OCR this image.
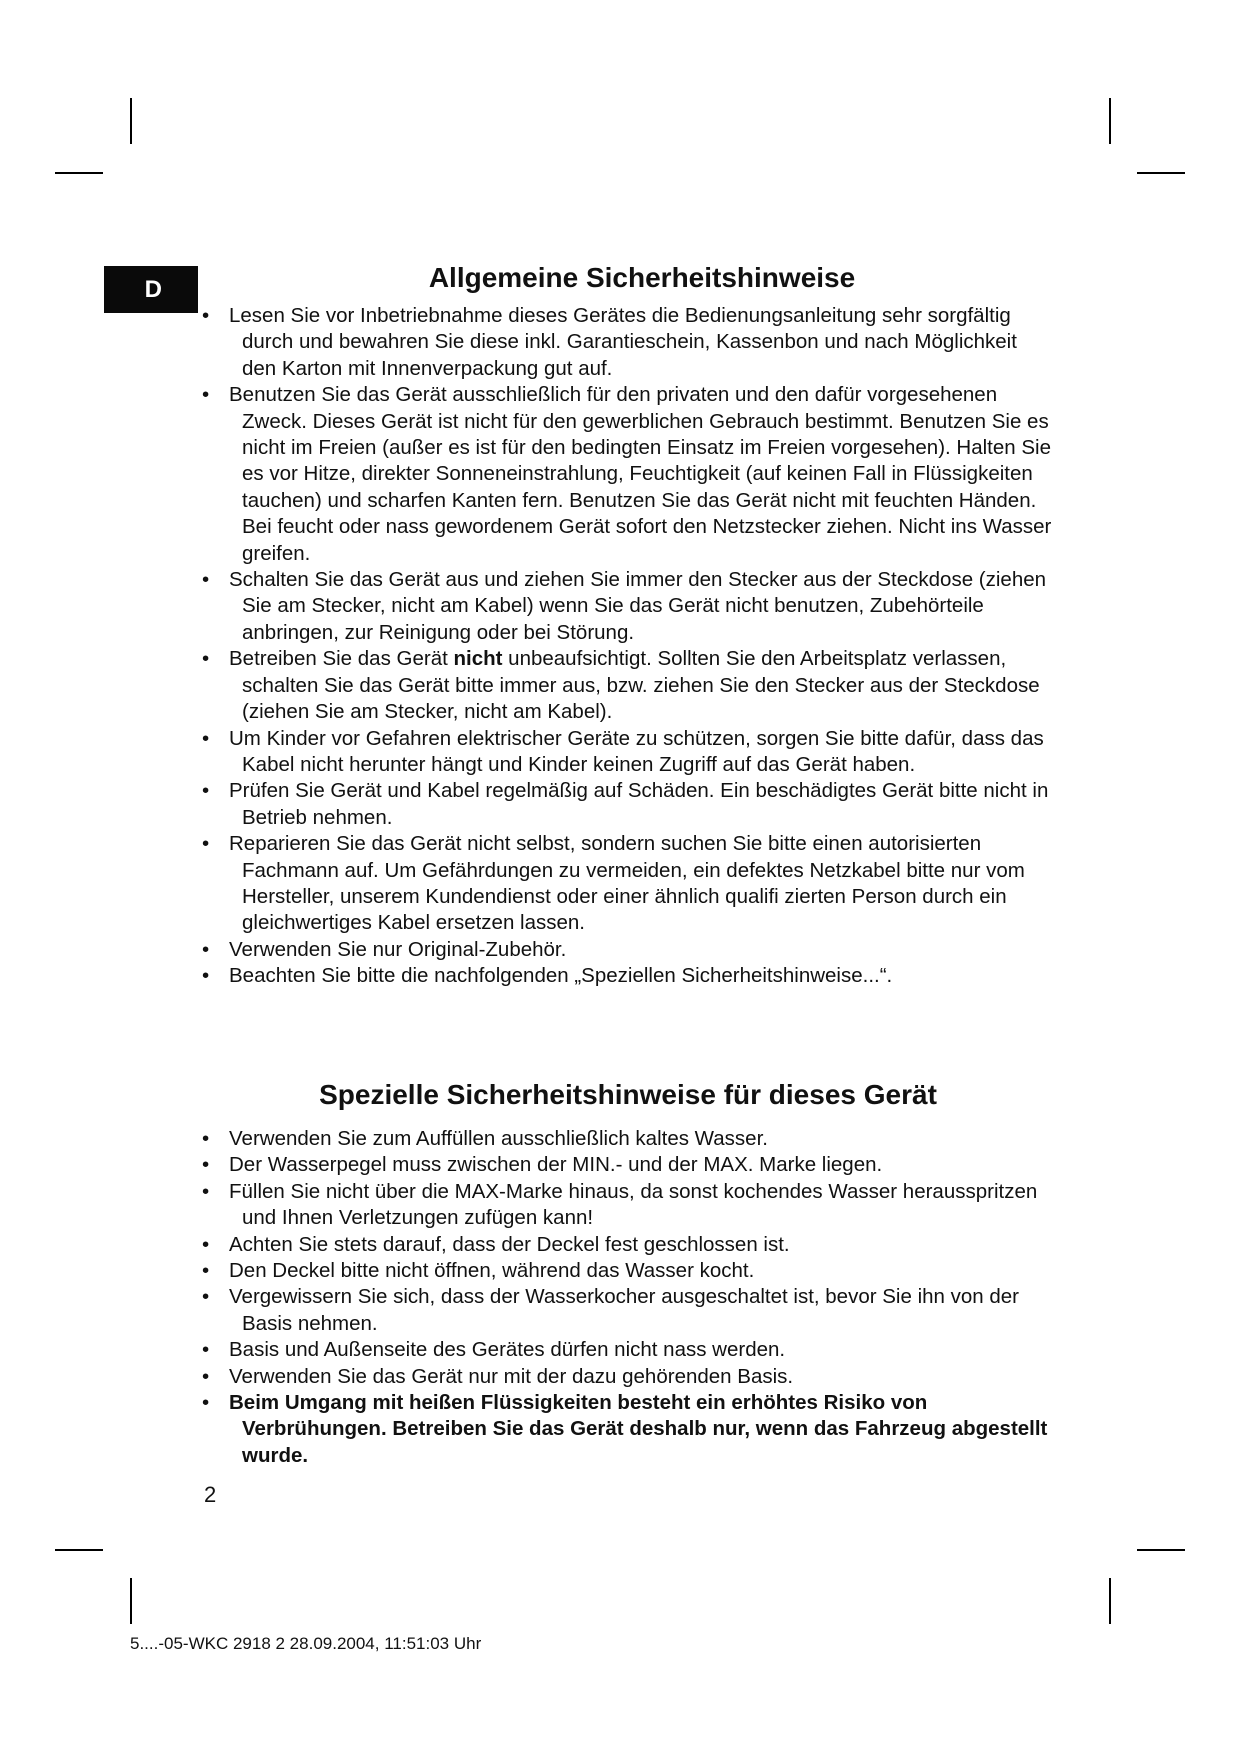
D	Allgemeine Sicherheitshinweise
• Lesen Sie vor Inbetriebnahme dieses Gerätes die Bedienungsanleitung sehr sorgfältig durch und bewahren Sie diese inkl. Garantieschein, Kassenbon und nach Möglichkeit den Karton mit Innenverpackung gut auf.
• Benutzen Sie das Gerät ausschließlich für den privaten und den dafür vorgesehenen Zweck. Dieses Gerät ist nicht für den gewerblichen Gebrauch bestimmt. Benutzen Sie es nicht im Freien (außer es ist für den bedingten Einsatz im Freien vorgesehen). Halten Sie es vor Hitze, direkter Sonneneinstrahlung, Feuchtigkeit (auf keinen Fall in Flüssigkeiten tauchen) und scharfen Kanten fern. Benutzen Sie das Gerät nicht mit feuchten Händen. Bei feucht oder nass gewordenem Gerät sofort den Netzstecker ziehen. Nicht ins Wasser greifen.
• Schalten Sie das Gerät aus und ziehen Sie immer den Stecker aus der Steckdose (ziehen Sie am Stecker, nicht am Kabel) wenn Sie das Gerät nicht benutzen, Zubehörteile anbringen, zur Reinigung oder bei Störung.
• Betreiben Sie das Gerät nicht unbeaufsichtigt. Sollten Sie den Arbeitsplatz verlassen, schalten Sie das Gerät bitte immer aus, bzw. ziehen Sie den Stecker aus der Steckdose (ziehen Sie am Stecker, nicht am Kabel).
• Um Kinder vor Gefahren elektrischer Geräte zu schützen, sorgen Sie bitte dafür, dass das Kabel nicht herunter hängt und Kinder keinen Zugriff auf das Gerät haben.
• Prüfen Sie Gerät und Kabel regelmäßig auf Schäden. Ein beschädigtes Gerät bitte nicht in Betrieb nehmen.
• Reparieren Sie das Gerät nicht selbst, sondern suchen Sie bitte einen autorisierten Fachmann auf. Um Gefährdungen zu vermeiden, ein defektes Netzkabel bitte nur vom Hersteller, unserem Kundendienst oder einer ähnlich qualifi zierten Person durch ein gleichwertiges Kabel ersetzen lassen.
• Verwenden Sie nur Original-Zubehör.
• Beachten Sie bitte die nachfolgenden „Speziellen Sicherheitshinweise...“.
Spezielle Sicherheitshinweise für dieses Gerät
• Verwenden Sie zum Auffüllen ausschließlich kaltes Wasser.
• Der Wasserpegel muss zwischen der MIN.- und der MAX. Marke liegen.
• Füllen Sie nicht über die MAX-Marke hinaus, da sonst kochendes Wasser herausspritzen und Ihnen Verletzungen zufügen kann!
• Achten Sie stets darauf, dass der Deckel fest geschlossen ist.
• Den Deckel bitte nicht öffnen, während das Wasser kocht.
• Vergewissern Sie sich, dass der Wasserkocher ausgeschaltet ist, bevor Sie ihn von der Basis nehmen.
• Basis und Außenseite des Gerätes dürfen nicht nass werden.
• Verwenden Sie das Gerät nur mit der dazu gehörenden Basis.
• Beim Umgang mit heißen Flüssigkeiten besteht ein erhöhtes Risiko von Verbrühungen. Betreiben Sie das Gerät deshalb nur, wenn das Fahrzeug abgestellt wurde.
2
5....-05-WKC 2918 2 28.09.2004, 11:51:03 Uhr
